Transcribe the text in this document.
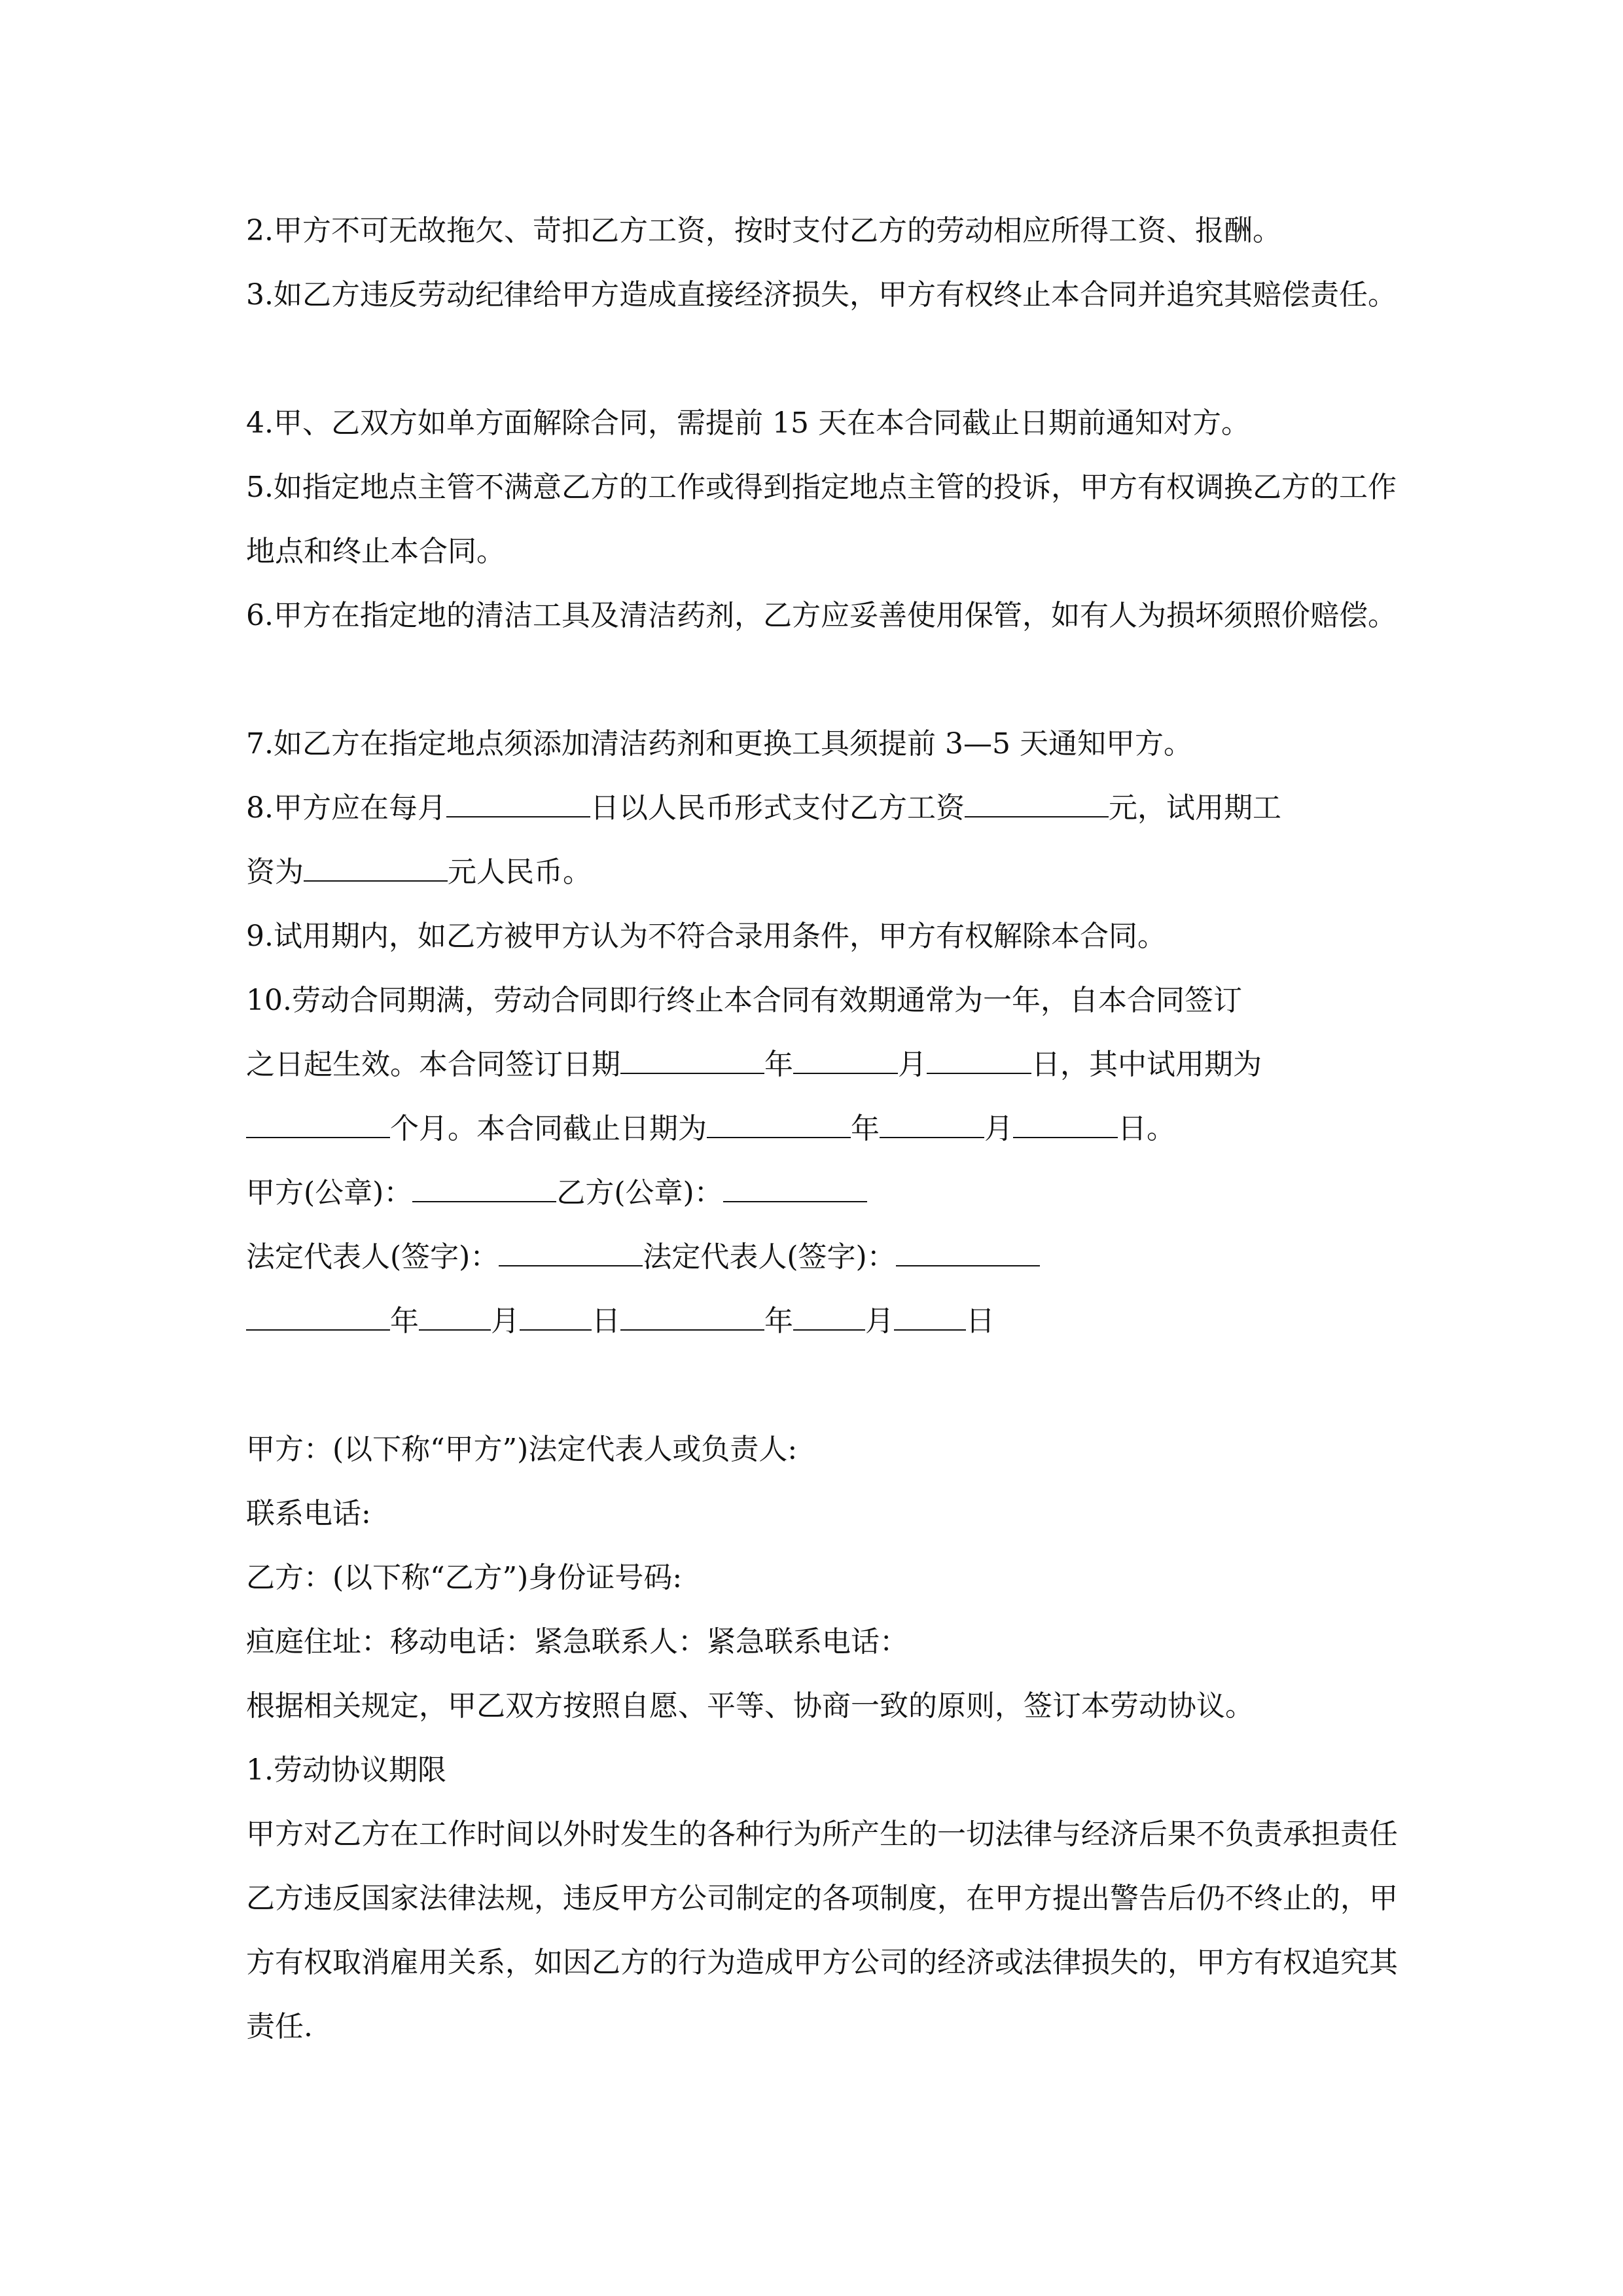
2.甲方不可无故拖欠、苛扣乙方工资，按时支付乙方的劳动相应所得工资、报酬。

3.如乙方违反劳动纪律给甲方造成直接经济损失，甲方有权终止本合同并追究其赔偿责任。

4.甲、乙双方如单方面解除合同，需提前 15 天在本合同截止日期前通知对方。

5.如指定地点主管不满意乙方的工作或得到指定地点主管的投诉，甲方有权调换乙方的工作地点和终止本合同。

6.甲方在指定地的清洁工具及清洁药剂，乙方应妥善使用保管，如有人为损坏须照价赔偿。

7.如乙方在指定地点须添加清洁药剂和更换工具须提前 3—5 天通知甲方。

8.甲方应在每月	日以人民币形式支付乙方工资	元，试用期工

资为	元人民币。

9.试用期内，如乙方被甲方认为不符合录用条件，甲方有权解除本合同。

10.劳动合同期满，劳动合同即行终止本合同有效期通常为一年，自本合同签订

之日起生效。本合同签订日期	年	月	日，其中试用期为

个月。本合同截止日期为	年	月	日。

甲方(公章)：	乙方(公章)：

法定代表人(签字)：	法定代表人(签字)：

年	月	日	年	月	日

甲方：(以下称“甲方”)法定代表人或负责人:

联系电话:

乙方：(以下称“乙方”)身份证号码:

疸庭住址：移动电话：紧急联系人：紧急联系电话：

根据相关规定，甲乙双方按照自愿、平等、协商一致的原则，签订本劳动协议。

1.劳动协议期限

甲方对乙方在工作时间以外时发生的各种行为所产生的一切法律与经济后果不负责承担责任乙方违反国家法律法规，违反甲方公司制定的各项制度，在甲方提出警告后仍不终止的，甲方有权取消雇用关系，如因乙方的行为造成甲方公司的经济或法律损失的，甲方有权追究其责任.
